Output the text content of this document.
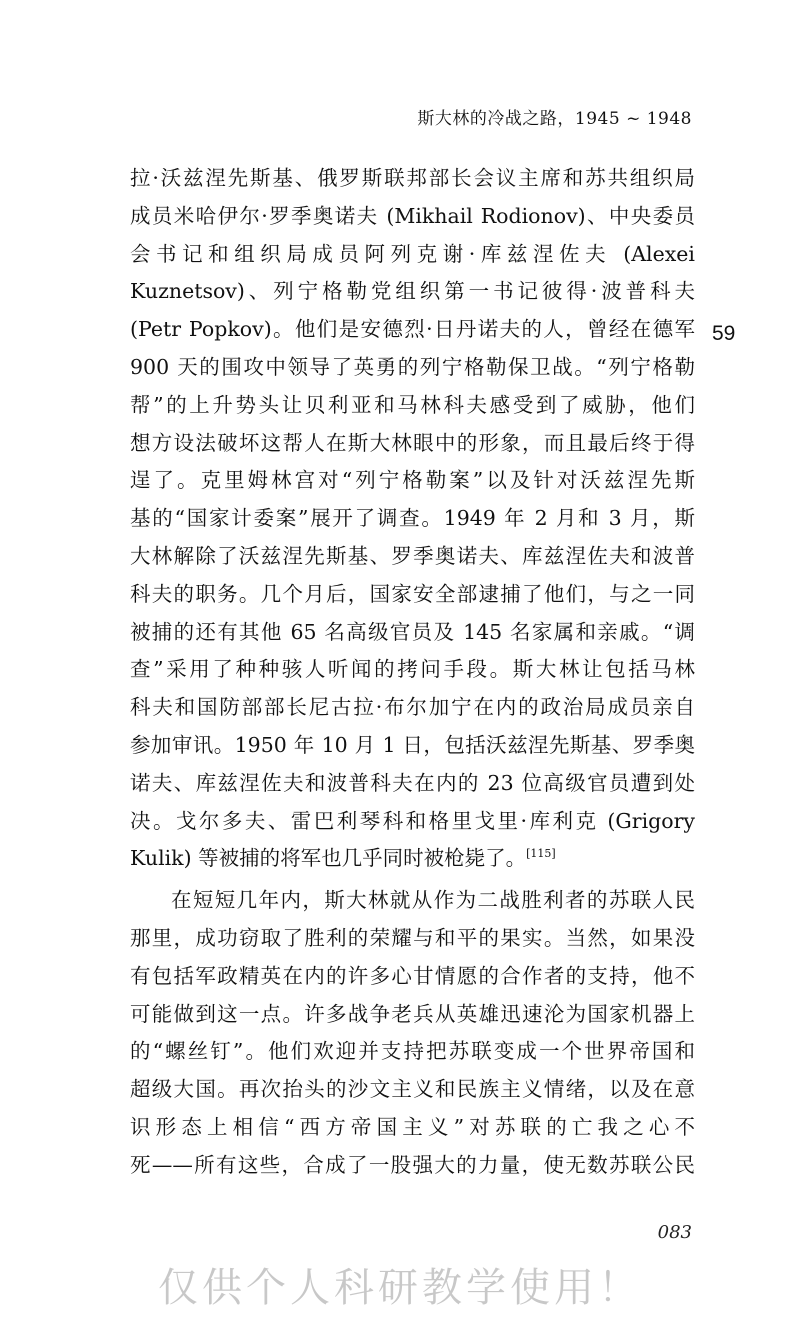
斯大林的冷战之路，1945 ~ 1948
59

拉·沃兹涅先斯基、俄罗斯联邦部长会议主席和苏共组织局
成员米哈伊尔·罗季奥诺夫 (Mikhail Rodionov)、中央委员
会书记和组织局成员阿列克谢·库兹涅佐夫 (Alexei
Kuznetsov)、列宁格勒党组织第一书记彼得·波普科夫
(Petr Popkov)。他们是安德烈·日丹诺夫的人，曾经在德军
900 天的围攻中领导了英勇的列宁格勒保卫战。“列宁格勒
帮”的上升势头让贝利亚和马林科夫感受到了威胁，他们
想方设法破坏这帮人在斯大林眼中的形象，而且最后终于得
逞了。克里姆林宫对“列宁格勒案”以及针对沃兹涅先斯
基的“国家计委案”展开了调查。1949 年 2 月和 3 月，斯
大林解除了沃兹涅先斯基、罗季奥诺夫、库兹涅佐夫和波普
科夫的职务。几个月后，国家安全部逮捕了他们，与之一同
被捕的还有其他 65 名高级官员及 145 名家属和亲戚。“调
查”采用了种种骇人听闻的拷问手段。斯大林让包括马林
科夫和国防部部长尼古拉·布尔加宁在内的政治局成员亲自
参加审讯。1950 年 10 月 1 日，包括沃兹涅先斯基、罗季奥
诺夫、库兹涅佐夫和波普科夫在内的 23 位高级官员遭到处
决。戈尔多夫、雷巴利琴科和格里戈里·库利克 (Grigory
Kulik) 等被捕的将军也几乎同时被枪毙了。[115]

在短短几年内，斯大林就从作为二战胜利者的苏联人民
那里，成功窃取了胜利的荣耀与和平的果实。当然，如果没
有包括军政精英在内的许多心甘情愿的合作者的支持，他不
可能做到这一点。许多战争老兵从英雄迅速沦为国家机器上
的“螺丝钉”。他们欢迎并支持把苏联变成一个世界帝国和
超级大国。再次抬头的沙文主义和民族主义情绪，以及在意
识形态上相信“西方帝国主义”对苏联的亡我之心不
死——所有这些，合成了一股强大的力量，使无数苏联公民

083
仅供个人科研教学使用！
